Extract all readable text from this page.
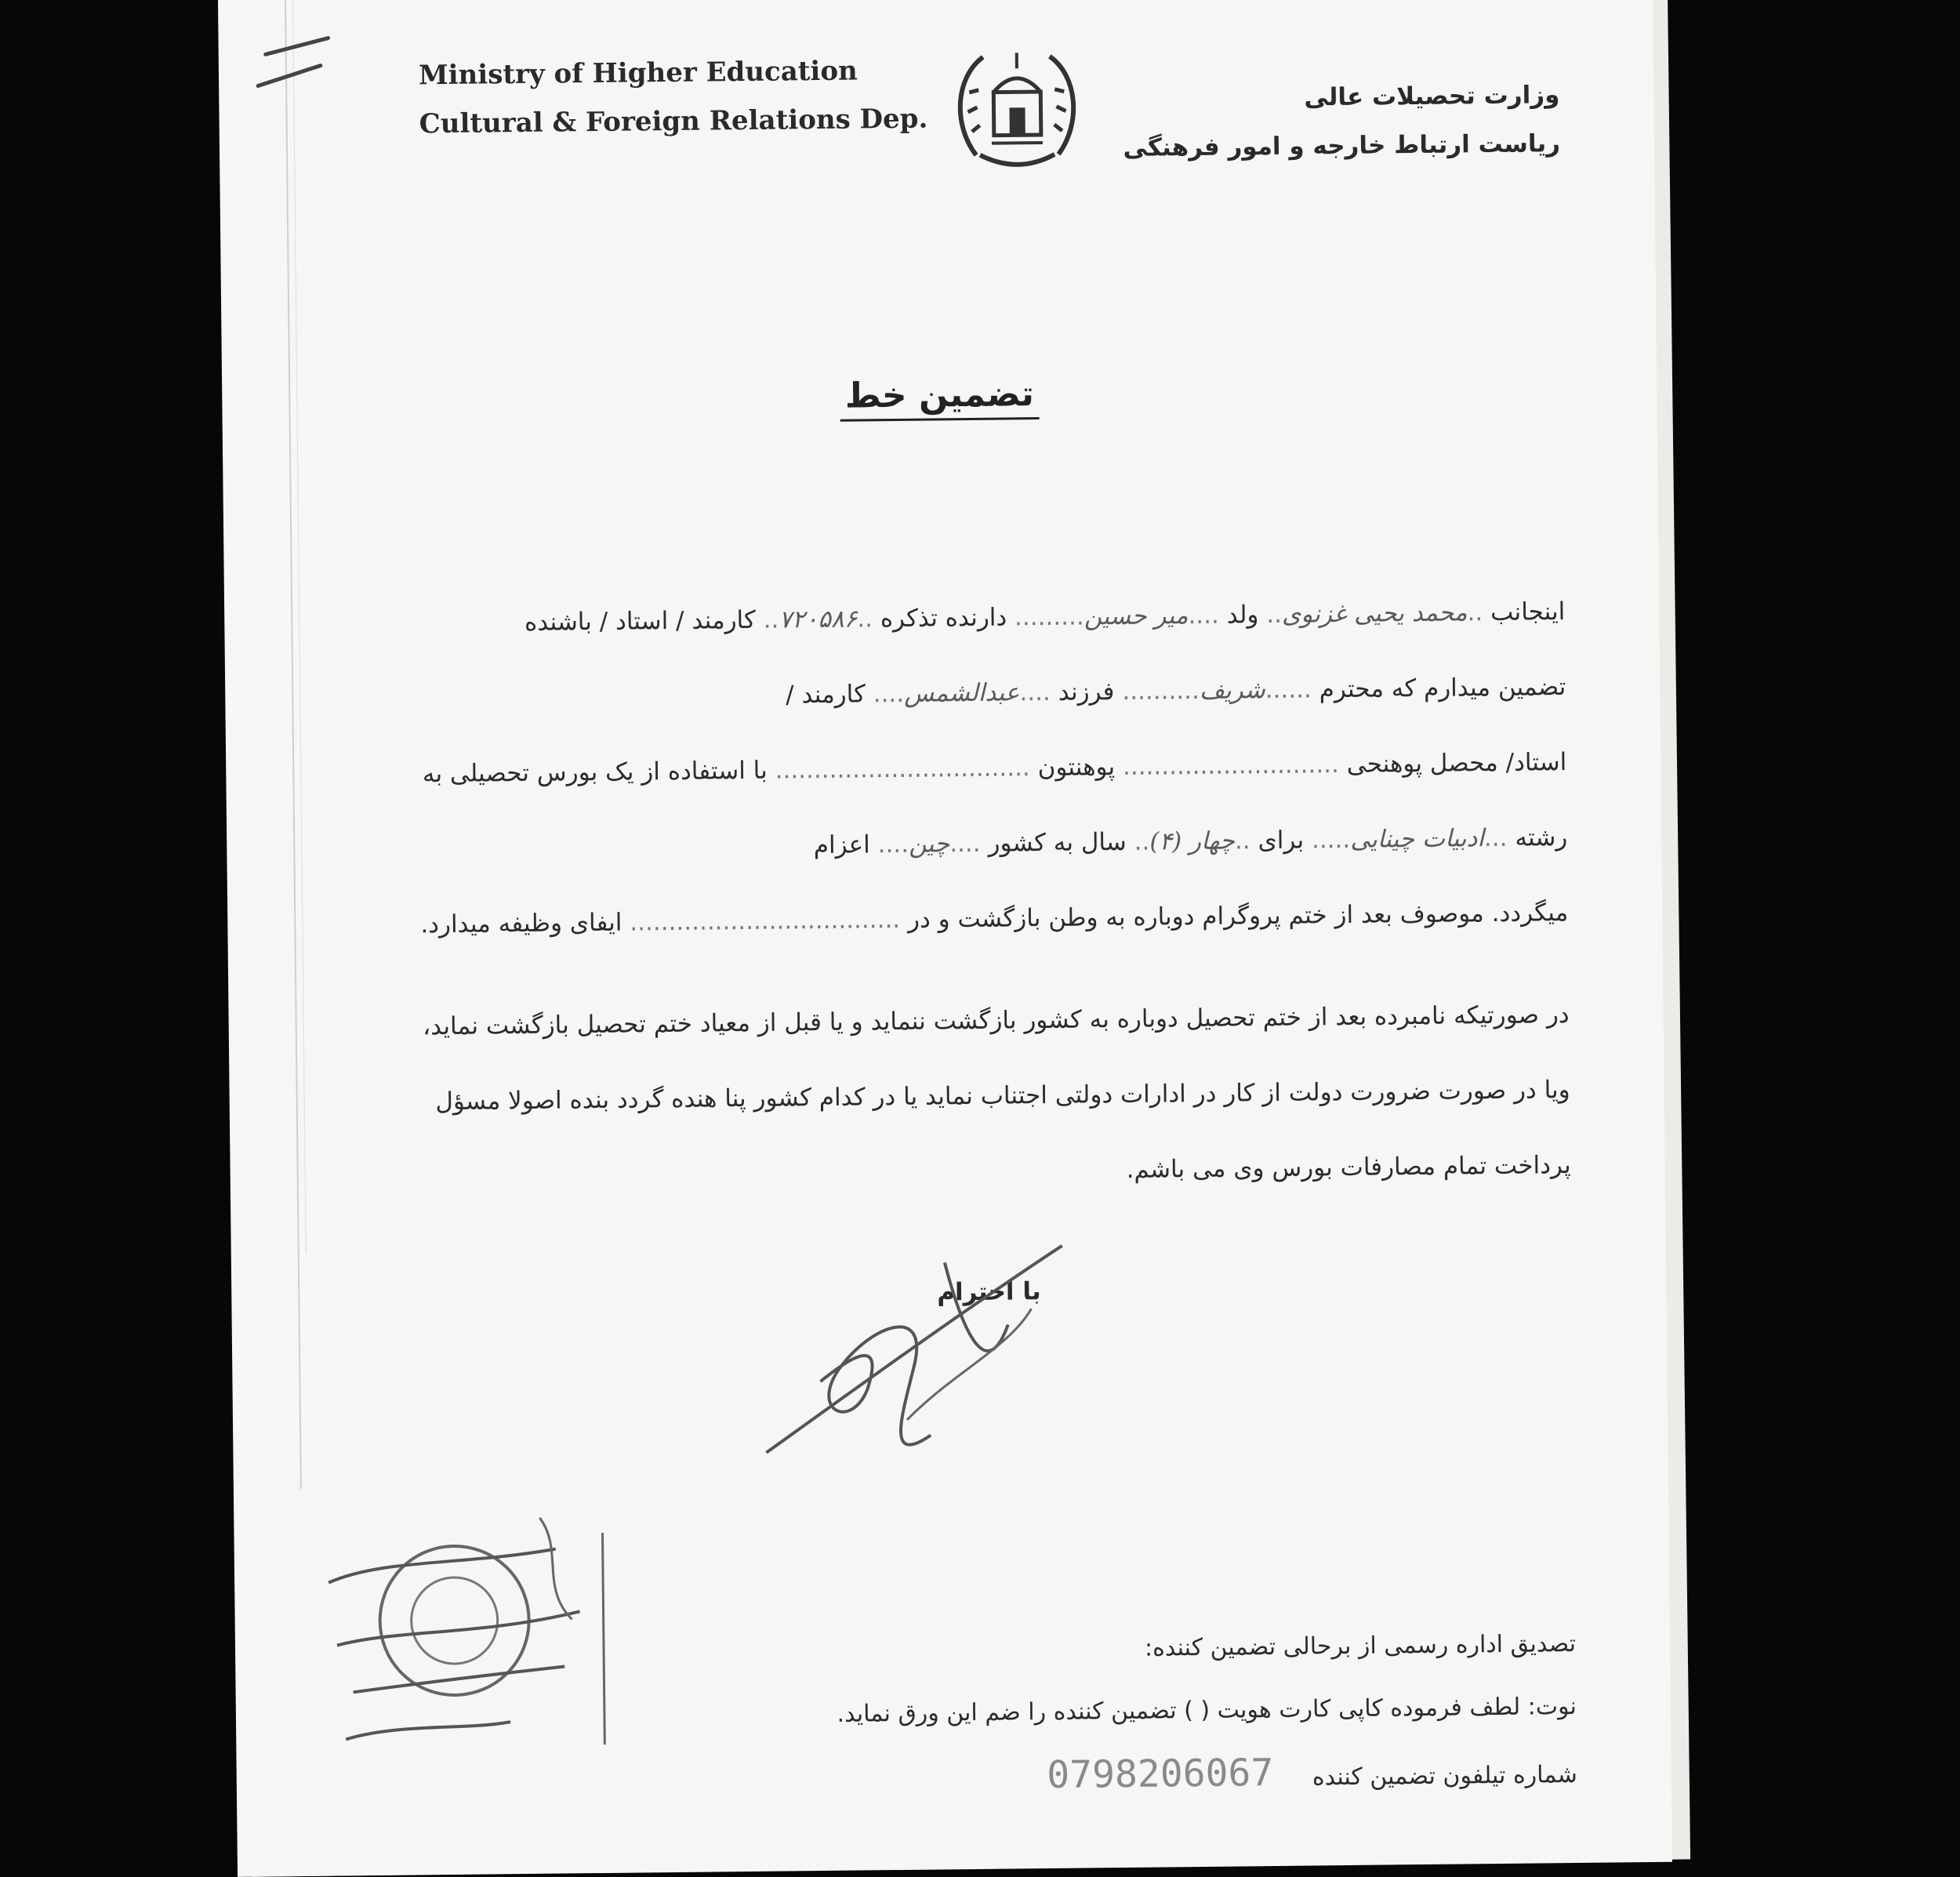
Ministry of Higher Education
Cultural & Foreign Relations Dep.
وزارت تحصیلات عالی
ریاست ارتباط خارجه و امور فرهنگی
تضمین خط
اینجانب ..محمد یحیی غزنوی.. ولد ....میر حسین......... دارنده تذکره ..۷۲۰۵۸۶.. کارمند / استاد / باشنده
تضمین میدارم که محترم ......شریف.......... فرزند ....عبدالشمس.... کارمند /
استاد/ محصل پوهنحی ............................ پوهنتون ................................. با استفاده از یک بورس تحصیلی به
رشته ...ادبیات چینایی..... برای ..چهار (۴).. سال به کشور ....چین.... اعزام
میگردد. موصوف بعد از ختم پروگرام دوباره به وطن بازگشت و در ................................... ایفای وظیفه میدارد.
در صورتیکه نامبرده بعد از ختم تحصیل دوباره به کشور بازگشت ننماید و یا قبل از معیاد ختم تحصیل بازگشت نماید، ویا در صورت ضرورت دولت از کار در ادارات دولتی اجتناب نماید یا در کدام کشور پنا هنده گردد بنده اصولا مسؤل پرداخت تمام مصارفات بورس وی می باشم.
با احترام
تصدیق اداره رسمی از برحالی تضمین کننده:
نوت: لطف فرموده کاپی کارت هویت ( ) تضمین کننده را ضم این ورق نماید.
شماره تیلفون تضمین کننده 0798206067
